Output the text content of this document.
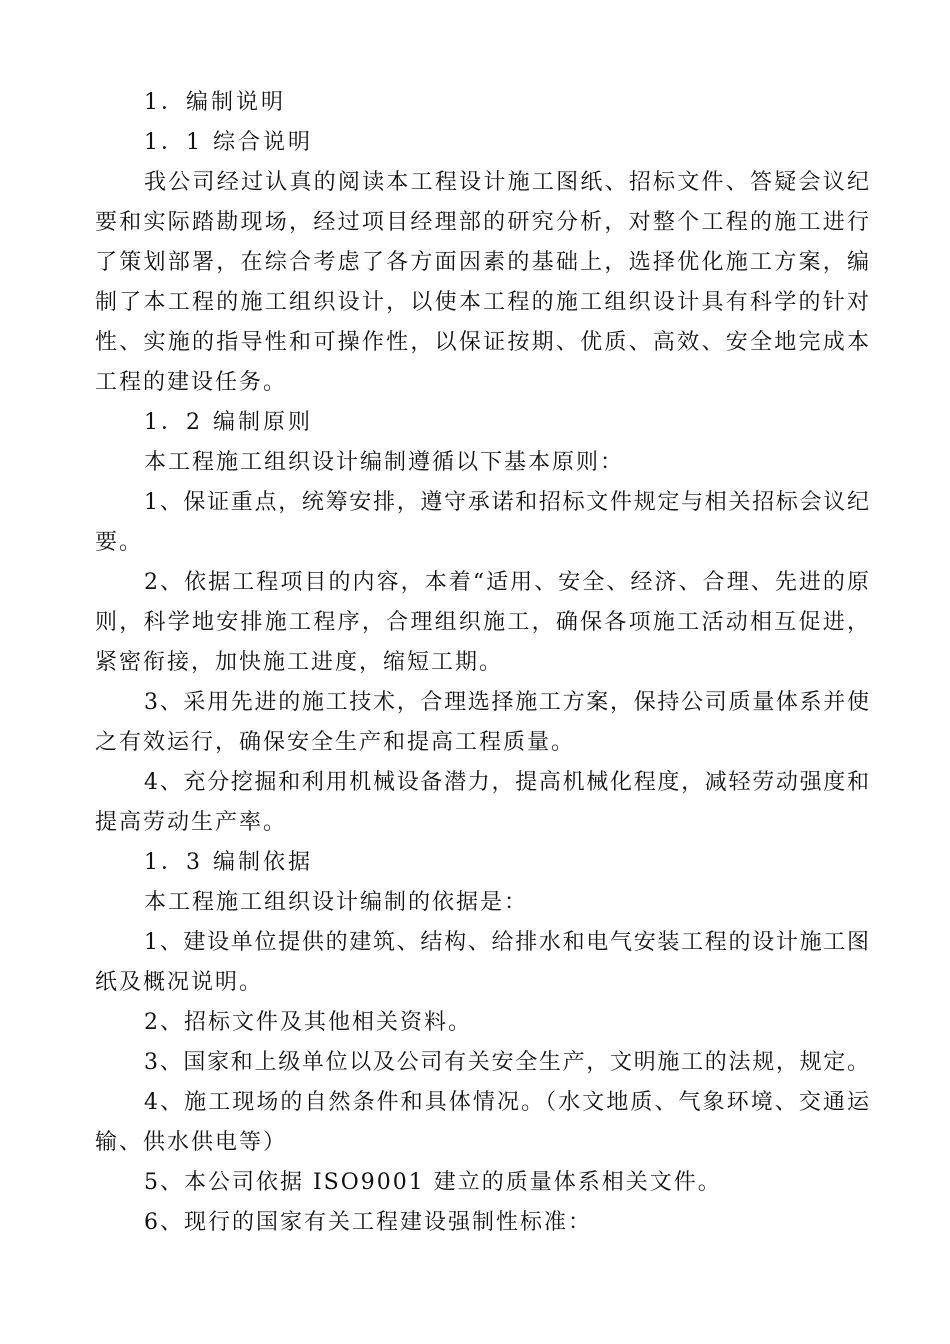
1．编制说明
1．1 综合说明
我公司经过认真的阅读本工程设计施工图纸、招标文件、答疑会议纪
要和实际踏勘现场，经过项目经理部的研究分析，对整个工程的施工进行
了策划部署，在综合考虑了各方面因素的基础上，选择优化施工方案，编
制了本工程的施工组织设计，以使本工程的施工组织设计具有科学的针对
性、实施的指导性和可操作性，以保证按期、优质、高效、安全地完成本
工程的建设任务。
1．2 编制原则
本工程施工组织设计编制遵循以下基本原则：
1、保证重点，统筹安排，遵守承诺和招标文件规定与相关招标会议纪
要。
2、依据工程项目的内容，本着“适用、安全、经济、合理、先进的原
则，科学地安排施工程序，合理组织施工，确保各项施工活动相互促进，
紧密衔接，加快施工进度，缩短工期。
3、采用先进的施工技术，合理选择施工方案，保持公司质量体系并使
之有效运行，确保安全生产和提高工程质量。
4、充分挖掘和利用机械设备潜力，提高机械化程度，减轻劳动强度和
提高劳动生产率。
1．3 编制依据
本工程施工组织设计编制的依据是：
1、建设单位提供的建筑、结构、给排水和电气安装工程的设计施工图
纸及概况说明。
2、招标文件及其他相关资料。
3、国家和上级单位以及公司有关安全生产，文明施工的法规，规定。
4、施工现场的自然条件和具体情况。（水文地质、气象环境、交通运
输、供水供电等）
5、本公司依据 ISO9001 建立的质量体系相关文件。
6、现行的国家有关工程建设强制性标准：
